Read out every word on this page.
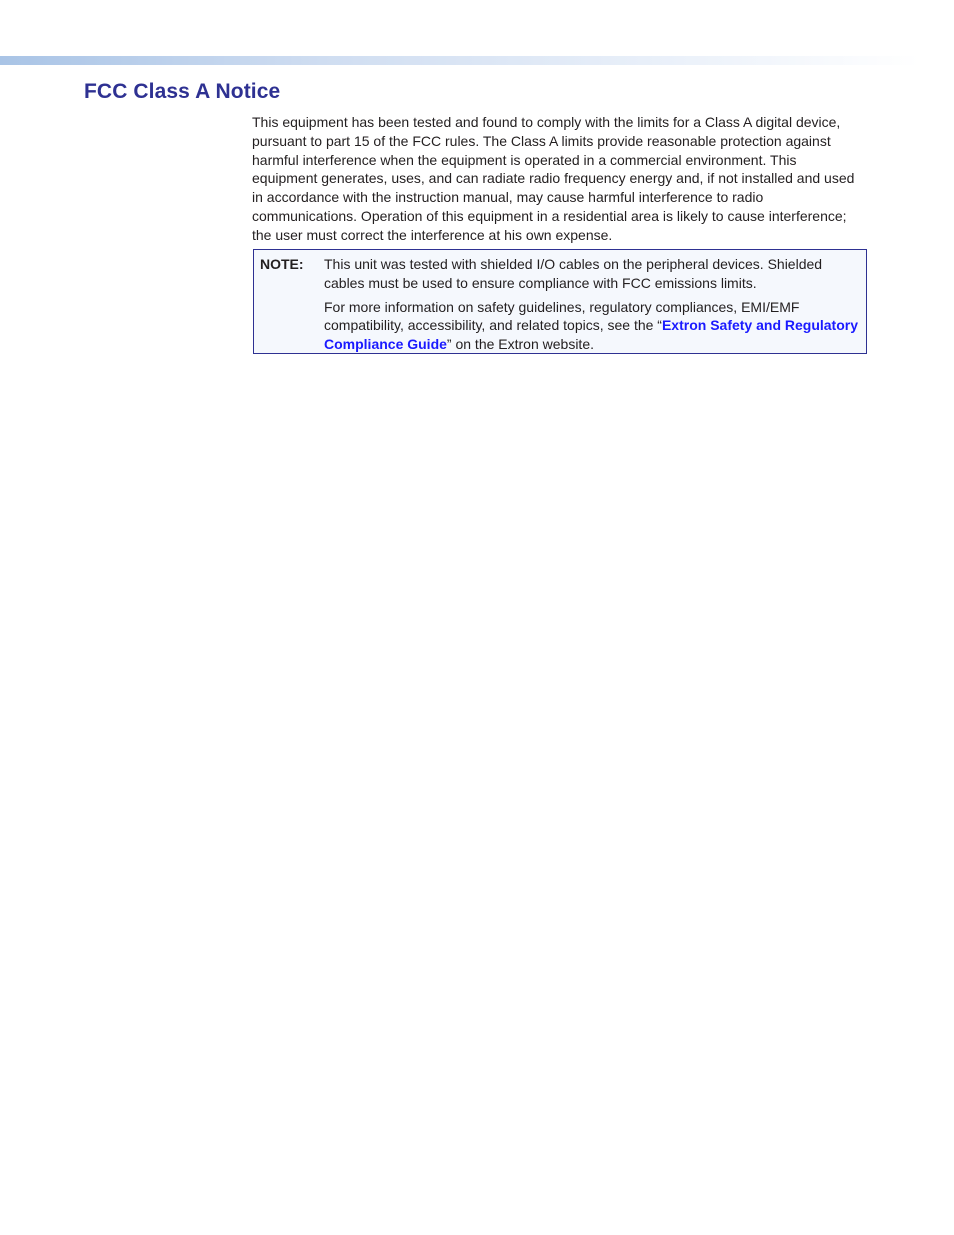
FCC Class A Notice

This equipment has been tested and found to comply with the limits for a Class A digital device, pursuant to part 15 of the FCC rules. The Class A limits provide reasonable protection against harmful interference when the equipment is operated in a commercial environment. This equipment generates, uses, and can radiate radio frequency energy and, if not installed and used in accordance with the instruction manual, may cause harmful interference to radio communications. Operation of this equipment in a residential area is likely to cause interference; the user must correct the interference at his own expense.

NOTE: This unit was tested with shielded I/O cables on the peripheral devices. Shielded cables must be used to ensure compliance with FCC emissions limits.

For more information on safety guidelines, regulatory compliances, EMI/EMF compatibility, accessibility, and related topics, see the “Extron Safety and Regulatory Compliance Guide” on the Extron website.
